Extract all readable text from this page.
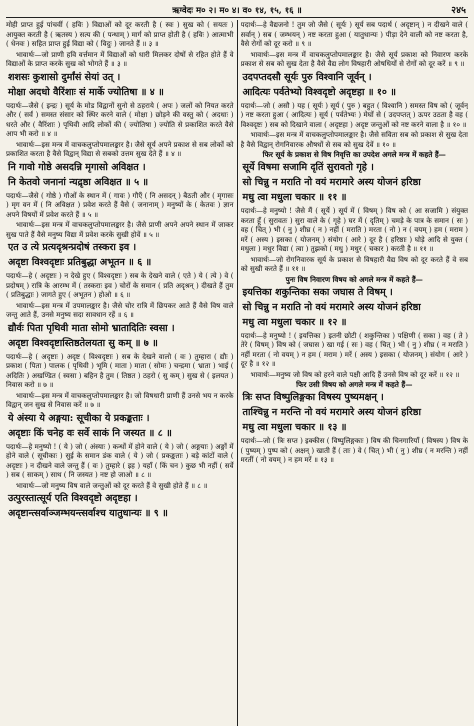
ऋग्वेदः म० २। म० ४। व० १४, १५, १६ ॥	२४५

मोही प्राप्त हुई पांचवीं ( हविः ) विद्याओं को दूर करती है ( स्वः ) सुख को ( सयतः ) आयुक्त करती है ( ऋतस्य ) सत्य की ( पन्थाम् ) मार्ग को प्राप्त होती है ( हविः ) आत्माभी ( धेनवः ) सहित प्राप्त हुई विद्या को ( विदुः ) जानते हैं ॥ ३ ॥

भावार्थः—जो प्राणी हवि वर्त्तमान में विद्याओं को धारी मिलकर दोषों से रहित होते हैं वे विद्याओं के प्राप्त करके सुख को भोगते हैं ॥ ३ ॥

शशसः कुशासो दुर्मांसं सेयां उत् ।
मोक्षा अदधो वैरिंशाः सं मार्के ज्योतिषा ॥ ४ ॥

पदार्थः—जैसे ( इन्द्रः ) सूर्य के मोड विद्वानों सुनो से ठहराये ( अपः ) जलों को नियत करते और ( सर्वं ) समस्त संसार को स्थिर करने वाले ( मोक्षा ) छोड़ने की वस्तु को ( अदधाः ) धरते और ( वैरिंशाः ) पृथिवी आदि लोकों की ( ज्योतिषा ) ज्योति से प्रकाशित करते वैसे आप भी करो ॥ ४ ॥

भावार्थः—इस मन्त्र में वाचकलुप्तोपमालङ्कार है। जैसे सूर्य अपने प्रकाश से सब लोकों को प्रकाशित करता है वैसे विद्वान् विद्या से सबको उत्तम सुख देते हैं ॥ ४ ॥

नि गावो गोष्ठे असदन्नि मृगासो अविक्षत ।
नि केतवो जनानां न्यद्रृष्ठा अविक्षत ॥ ५ ॥

पदार्थः—जैसे ( गोष्ठे ) गौओं के स्थान में ( गावः ) गौएँ ( नि असदन् ) बैठती और ( मृगासः ) मृग वन में ( नि अविक्षत ) प्रवेश करते हैं वैसे ( जनानाम् ) मनुष्यों के ( केतवः ) ज्ञान अपने विषयों में प्रवेश करते हैं ॥ ५ ॥

भावार्थः—इस मन्त्र में वाचकलुप्तोपमालङ्कार है। जैसे प्राणी अपने अपने स्थान में जाकर सुख पाते हैं वैसे मनुष्य विद्या में प्रवेश करके सुखी होवें ॥ ५ ॥

एत उ त्ये प्रत्यदृश्रन्प्रदोषं तस्करा इव ।
अदृष्टा विश्वदृष्टाः प्रतिबुद्धा अभूतन ॥ ६ ॥

पदार्थः—हे ( अदृष्टाः ) न देखे हुए ( विश्वदृष्टाः ) सब के देखने वाले ( एते ) ये ( त्ये ) वे ( प्रदोषम् ) रात्रि के आरम्भ में ( तस्कराः इव ) चोरों के समान ( प्रति अदृश्रन् ) दीखते हैं तुम ( प्रतिबुद्धाः ) जागते हुए ( अभूतन ) होओ ॥ ६ ॥

भावार्थः—इस मन्त्र में उपमालङ्कार है। जैसे चोर रात्रि में छिपकर आते हैं वैसे विष वाले जन्तु आते हैं, उनसे मनुष्य सदा सावधान रहें ॥ ६ ॥

द्यौर्वः पिता पृथिवी माता सोमो भ्रातादितिः स्वसा ।
अदृष्टा विश्वदृष्टास्तिष्ठतेलयता सु कम् ॥ ७ ॥

पदार्थः—हे ( अदृष्टाः ) अदृष्ट ( विश्वदृष्टाः ) सब के देखने वालो ( वः ) तुम्हारा ( द्यौः ) प्रकाश ( पिता ) पालक ( पृथिवी ) भूमि ( माता ) माता ( सोमः ) चन्द्रमा ( भ्राता ) भाई ( अदितिः ) अखण्डित ( स्वसा ) बहिन है तुम ( तिष्ठत ) ठहरो ( सु कम् ) सुख से ( इलयत ) निवास करो ॥ ७ ॥

भावार्थः—इस मन्त्र में वाचकलुप्तोपमालङ्कार है। जो विषधारी प्राणी हैं उनसे भय न करके विद्वान् जन सुख से निवास करें ॥ ७ ॥

ये अंस्या ये अङ्गया: सूचीका ये प्रकङ्कताः ।
अदृष्टाः किं चनेह वः सर्वे साकं नि जस्यत ॥ ८ ॥

पदार्थः—हे मनुष्यो ! ( ये ) जो ( अंस्याः ) कन्धों में होने वाले ( ये ) जो ( अङ्गयाः ) अङ्गों में होने वाले ( सूचीकाः ) सुई के समान डंक वाले ( ये ) जो ( प्रकङ्कताः ) बड़े कांटों वाले ( अदृष्टाः ) न दीखने वाले जन्तु हैं ( वः ) तुम्हारे ( इह ) यहाँ ( किं चन ) कुछ भी नहीं ( सर्वे ) सब ( साकम् ) साथ ( नि जस्यत ) नष्ट हो जाओ ॥ ८ ॥

भावार्थः—जो मनुष्य विष वाले जन्तुओं को दूर करते हैं वे सुखी होते हैं ॥ ८ ॥

उत्पुरस्तात्सूर्य एति विश्वदृष्टो अदृष्टहा ।
अदृष्टान्त्सर्वाञ्जम्भयन्त्सर्वाश्च यातुधान्यः ॥ ९ ॥

पदार्थः—हे वैद्यजनो ! तुम जो जैसे ( सूर्यः ) सूर्य सब पदार्थ ( अदृष्टान् ) न दीखने वाले ( सर्वान् ) सब ( जम्भयन् ) नष्ट करता हुआ ( यातुधान्यः ) पीड़ा देने वाली को नष्ट करता है, वैसे रोगों को दूर करो ॥ ९ ॥

भावार्थः—इस मन्त्र में वाचकलुप्तोपमालङ्कार है। जैसे सूर्य प्रकाश को निवारण करके प्रकाश से सब को सुख देता है वैसे वैद्य लोग विषहारी ओषधियों से रोगों को दूर करें ॥ ९ ॥

उदपप्तदसौ सूर्यः पुरु विश्वानि जूर्वन् ।
आदित्यः पर्वतेभ्यो विश्वदृष्टो अदृष्टहा ॥ १० ॥

पदार्थः—जो ( असौ ) यह ( सूर्यः ) सूर्य ( पुरु ) बहुत ( विश्वानि ) समस्त विष को ( जूर्वन् ) नष्ट करता हुआ ( आदित्यः ) सूर्य ( पर्वतेभ्यः ) मेघों से ( उदपप्तत् ) ऊपर उठता है वह ( विश्वदृष्टः ) सब को दिखाने वाला ( अदृष्टहा ) अदृष्ट जन्तुओं को नष्ट करने वाला है ॥ १० ॥

भावार्थः—इस मन्त्र में वाचकलुप्तोपमालङ्कार है। जैसे सविता सब को प्रकाश से सुख देता है वैसे विद्वान् रोगनिवारक औषधों से सब को सुख देवें ॥ १० ॥

फिर सूर्य के प्रकाश से विष निवृत्ति का उपदेश अगले मन्त्र में कहते हैं—
सूर्ये विषमा सजामि दृतिं सुरावतो गृहे ।
सो चिन्नु न मराति नो वयं मरामारे अस्य योजनं हरिष्ठा
मधु त्वा मधुला चकार ॥ ११ ॥

पदार्थः—हे मनुष्यो ! जैसे मैं ( सूर्ये ) सूर्य में ( विषम् ) विष को ( आ सजामि ) संयुक्त करता हूँ ( सुरावतः ) सुरा वाले के ( गृहे ) घर में ( दृतिम् ) चमड़े के पात्र के समान ( सः ) वह ( चित् ) भी ( नु ) शीघ्र ( न ) नहीं ( मराति ) मरता ( नो ) न ( वयम् ) हम ( मराम ) मरें ( अस्य ) इसका ( योजनम् ) संयोग ( आरे ) दूर है ( हरिष्ठाः ) घोड़े आदि से युक्त ( मधुला ) मधुर विद्या ( त्वा ) तुझको ( मधु ) मधुर ( चकार ) करती है ॥ ११ ॥

भावार्थः—जो रोगनिवारक सूर्य के प्रकाश से विषहारी वैद्य विष को दूर करते हैं वे सब को सुखी करते हैं ॥ ११ ॥

पुनः विष निवारण विषय को अगले मन्त्र में कहते हैं—
इयत्तिका शकुन्तिका सका जघास ते विषम् ।
सो चिन्नु न मराति नो वयं मरामारे अस्य योजनं हरिष्ठा
मधु त्वा मधुला चकार ॥ १२ ॥

पदार्थः—हे मनुष्यो ! ( इयत्तिका ) इतनी छोटी ( शकुन्तिका ) पक्षिणी ( सका ) वह ( ते ) तेरे ( विषम् ) विष को ( जघास ) खा गई ( सः ) वह ( चित् ) भी ( नु ) शीघ्र ( न मराति ) नहीं मरता ( नो वयम् ) न हम ( मराम ) मरें ( अस्य ) इसका ( योजनम् ) संयोग ( आरे ) दूर है ॥ १२ ॥

भावार्थः—मनुष्य जो विष को हरने वाले पक्षी आदि हैं उनसे विष को दूर करें ॥ १२ ॥

फिर उसी विषय को अगले मन्त्र में कहते हैं—
त्रिः सप्त विष्पुलिङ्गका विषस्य पुष्यमक्षन् ।
ताश्चिन्नु न मरन्ति नो वयं मरामारे अस्य योजनं हरिष्ठा
मधु त्वा मधुला चकार ॥ १३ ॥

पदार्थः—जो ( त्रिः सप्त ) इक्कीस ( विष्पुलिङ्गकाः ) विष की चिनगारियाँ ( विषस्य ) विष के ( पुष्यम् ) पुष्प को ( अक्षन् ) खाती हैं ( ताः ) वे ( चित् ) भी ( नु ) शीघ्र ( न मरन्ति ) नहीं मरतीं ( नो वयम् ) न हम मरें ॥ १३ ॥
